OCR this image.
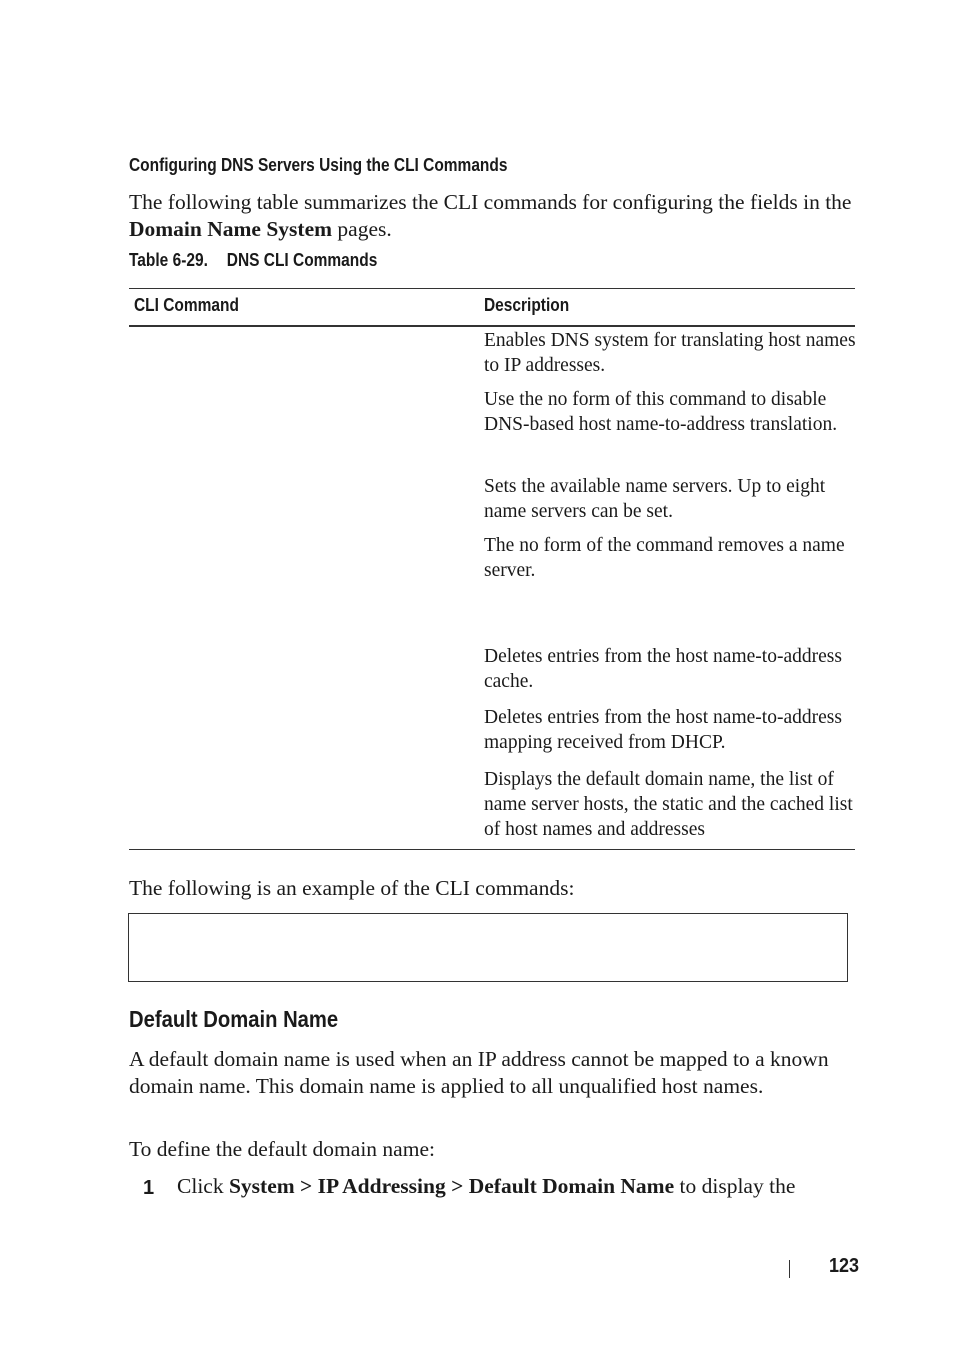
Configuring DNS Servers Using the CLI Commands
The following table summarizes the CLI commands for configuring the fields in the Domain Name System pages.
Table 6-29. DNS CLI Commands
CLI Command	Description
Enables DNS system for translating host names to IP addresses.
Use the no form of this command to disable DNS-based host name-to-address translation.
Sets the available name servers. Up to eight name servers can be set.
The no form of the command removes a name server.
Deletes entries from the host name-to-address cache.
Deletes entries from the host name-to-address mapping received from DHCP.
Displays the default domain name, the list of name server hosts, the static and the cached list of host names and addresses
The following is an example of the CLI commands:
Default Domain Name
A default domain name is used when an IP address cannot be mapped to a known domain name. This domain name is applied to all unqualified host names.
To define the default domain name:
1 Click System > IP Addressing > Default Domain Name to display the
123
